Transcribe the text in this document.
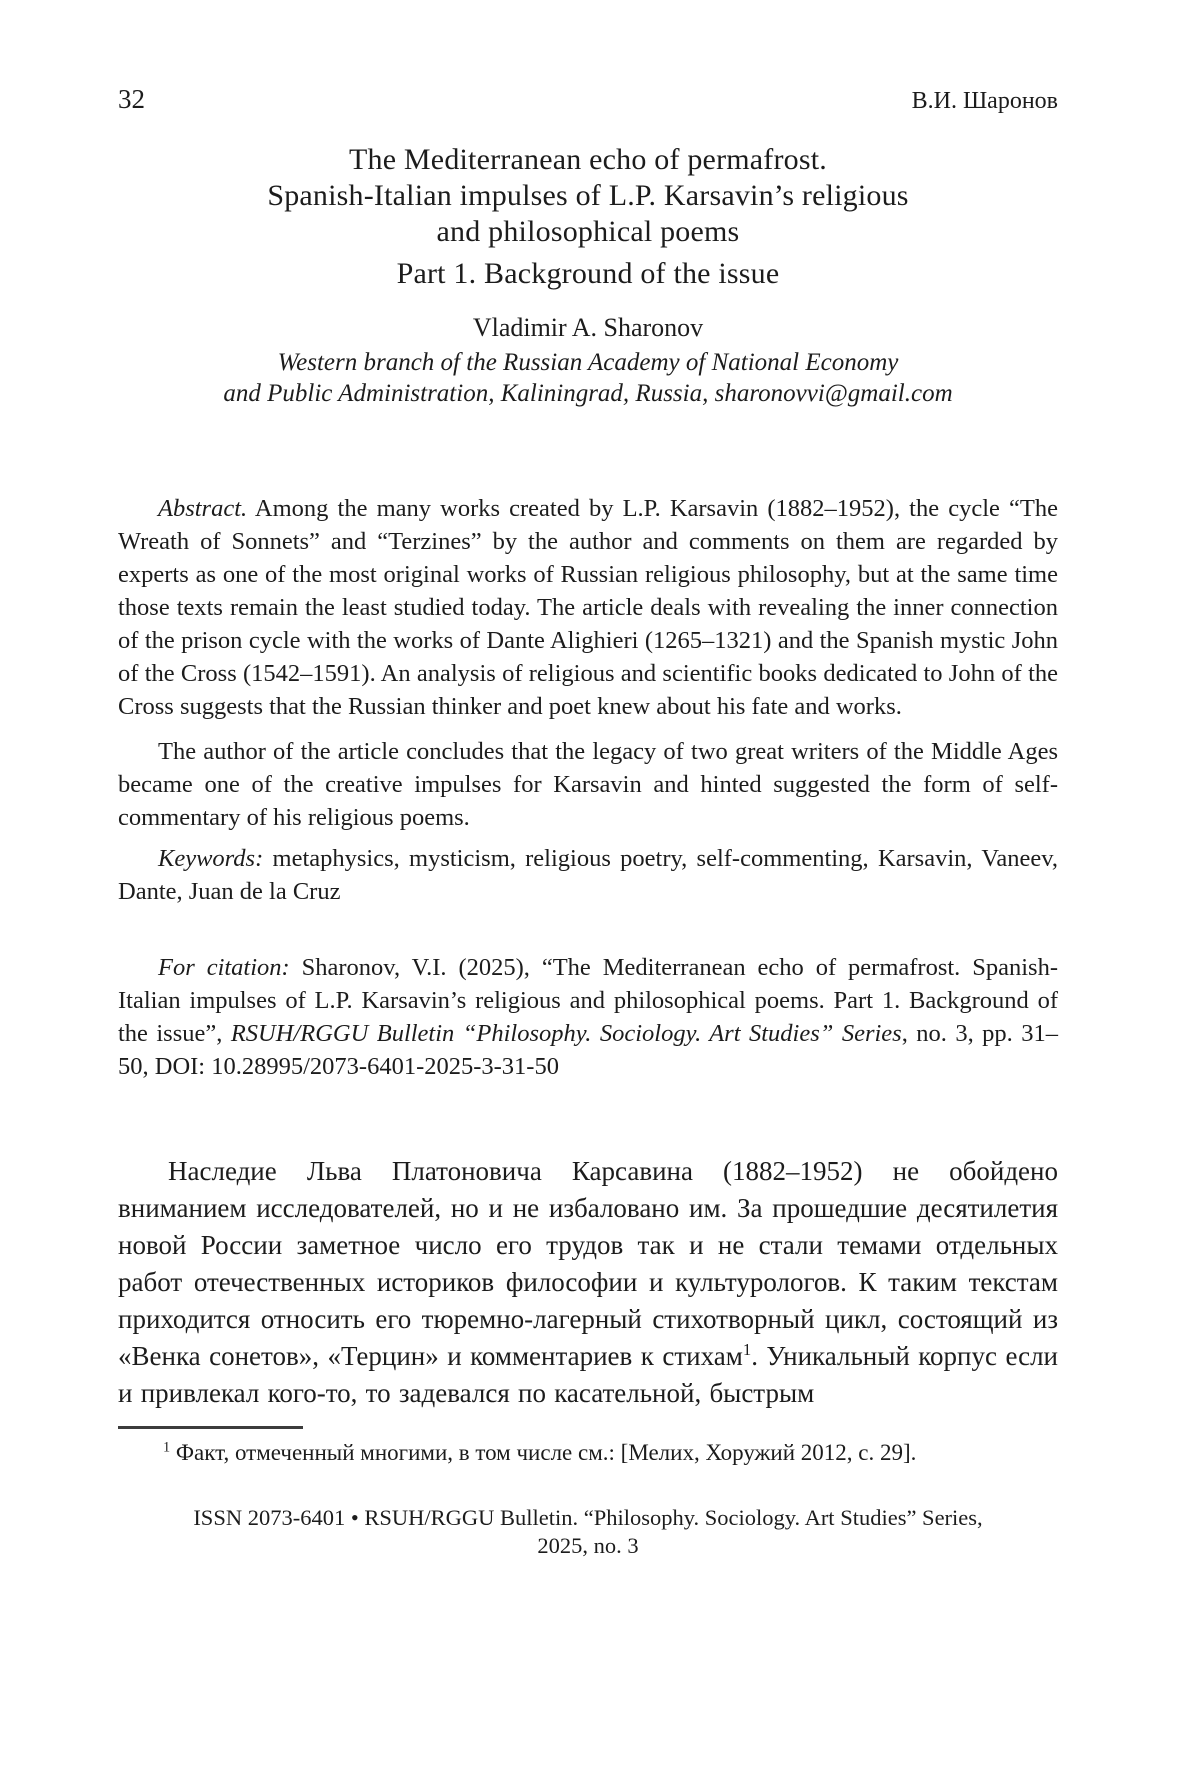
32	В.И. Шаронов
The Mediterranean echo of permafrost.
Spanish-Italian impulses of L.P. Karsavin’s religious
and philosophical poems
Part 1. Background of the issue
Vladimir A. Sharonov
Western branch of the Russian Academy of National Economy
and Public Administration, Kaliningrad, Russia, sharonovvi@gmail.com

Abstract. Among the many works created by L.P. Karsavin (1882–1952), the cycle “The Wreath of Sonnets” and “Terzines” by the author and comments on them are regarded by experts as one of the most original works of Russian religious philosophy, but at the same time those texts remain the least studied today. The article deals with revealing the inner connection of the prison cycle with the works of Dante Alighieri (1265–1321) and the Spanish mystic John of the Cross (1542–1591). An analysis of religious and scientific books dedicated to John of the Cross suggests that the Russian thinker and poet knew about his fate and works.

The author of the article concludes that the legacy of two great writers of the Middle Ages became one of the creative impulses for Karsavin and hinted suggested the form of self-commentary of his religious poems.

Keywords: metaphysics, mysticism, religious poetry, self-commenting, Karsavin, Vaneev, Dante, Juan de la Cruz

For citation: Sharonov, V.I. (2025), “The Mediterranean echo of permafrost. Spanish-Italian impulses of L.P. Karsavin’s religious and philosophical poems. Part 1. Background of the issue”, RSUH/RGGU Bulletin “Philosophy. Sociology. Art Studies” Series, no. 3, pp. 31–50, DOI: 10.28995/2073-6401-2025-3-31-50

Наследие Льва Платоновича Карсавина (1882–1952) не обойдено вниманием исследователей, но и не избаловано им. За прошедшие десятилетия новой России заметное число его трудов так и не стали темами отдельных работ отечественных историков философии и культурологов. К таким текстам приходится относить его тюремно-лагерный стихотворный цикл, состоящий из «Венка сонетов», «Терцин» и комментариев к стихам$^1$. Уникальный корпус если и привлекал кого-то, то задевался по касательной, быстрым

$^1$ Факт, отмеченный многими, в том числе см.: [Мелих, Хоружий 2012, с. 29].

ISSN 2073-6401 • RSUH/RGGU Bulletin. “Philosophy. Sociology. Art Studies” Series,
2025, no. 3
